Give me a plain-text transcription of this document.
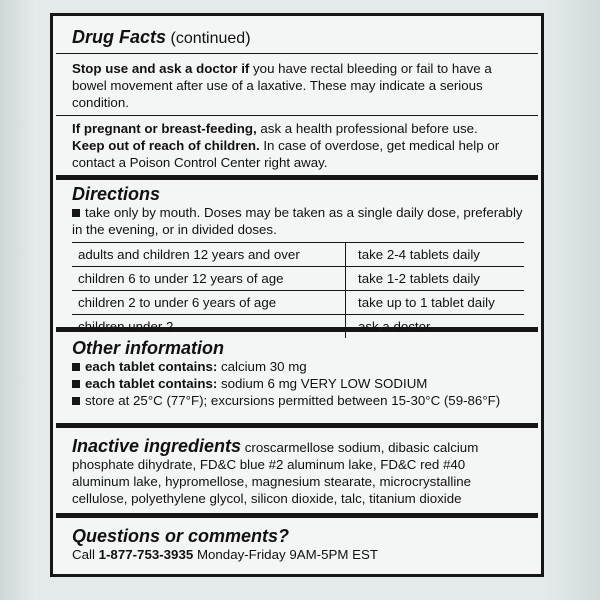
Drug Facts (continued)

Stop use and ask a doctor if you have rectal bleeding or fail to have a bowel movement after use of a laxative. These may indicate a serious condition.

If pregnant or breast-feeding, ask a health professional before use.

Keep out of reach of children. In case of overdose, get medical help or contact a Poison Control Center right away.

Directions

take only by mouth. Doses may be taken as a single daily dose, preferably in the evening, or in divided doses.

adults and children 12 years and over	take 2-4 tablets daily
children 6 to under 12 years of age	take 1-2 tablets daily
children 2 to under 6 years of age	take up to 1 tablet daily
children under 2	ask a doctor
Other information

each tablet contains: calcium 30 mg

each tablet contains: sodium 6 mg VERY LOW SODIUM

store at 25°C (77°F); excursions permitted between 15-30°C (59-86°F)

Inactive ingredients croscarmellose sodium, dibasic calcium phosphate dihydrate, FD&C blue #2 aluminum lake, FD&C red #40 aluminum lake, hypromellose, magnesium stearate, microcrystalline cellulose, polyethylene glycol, silicon dioxide, talc, titanium dioxide

Questions or comments?

Call 1-877-753-3935 Monday-Friday 9AM-5PM EST
